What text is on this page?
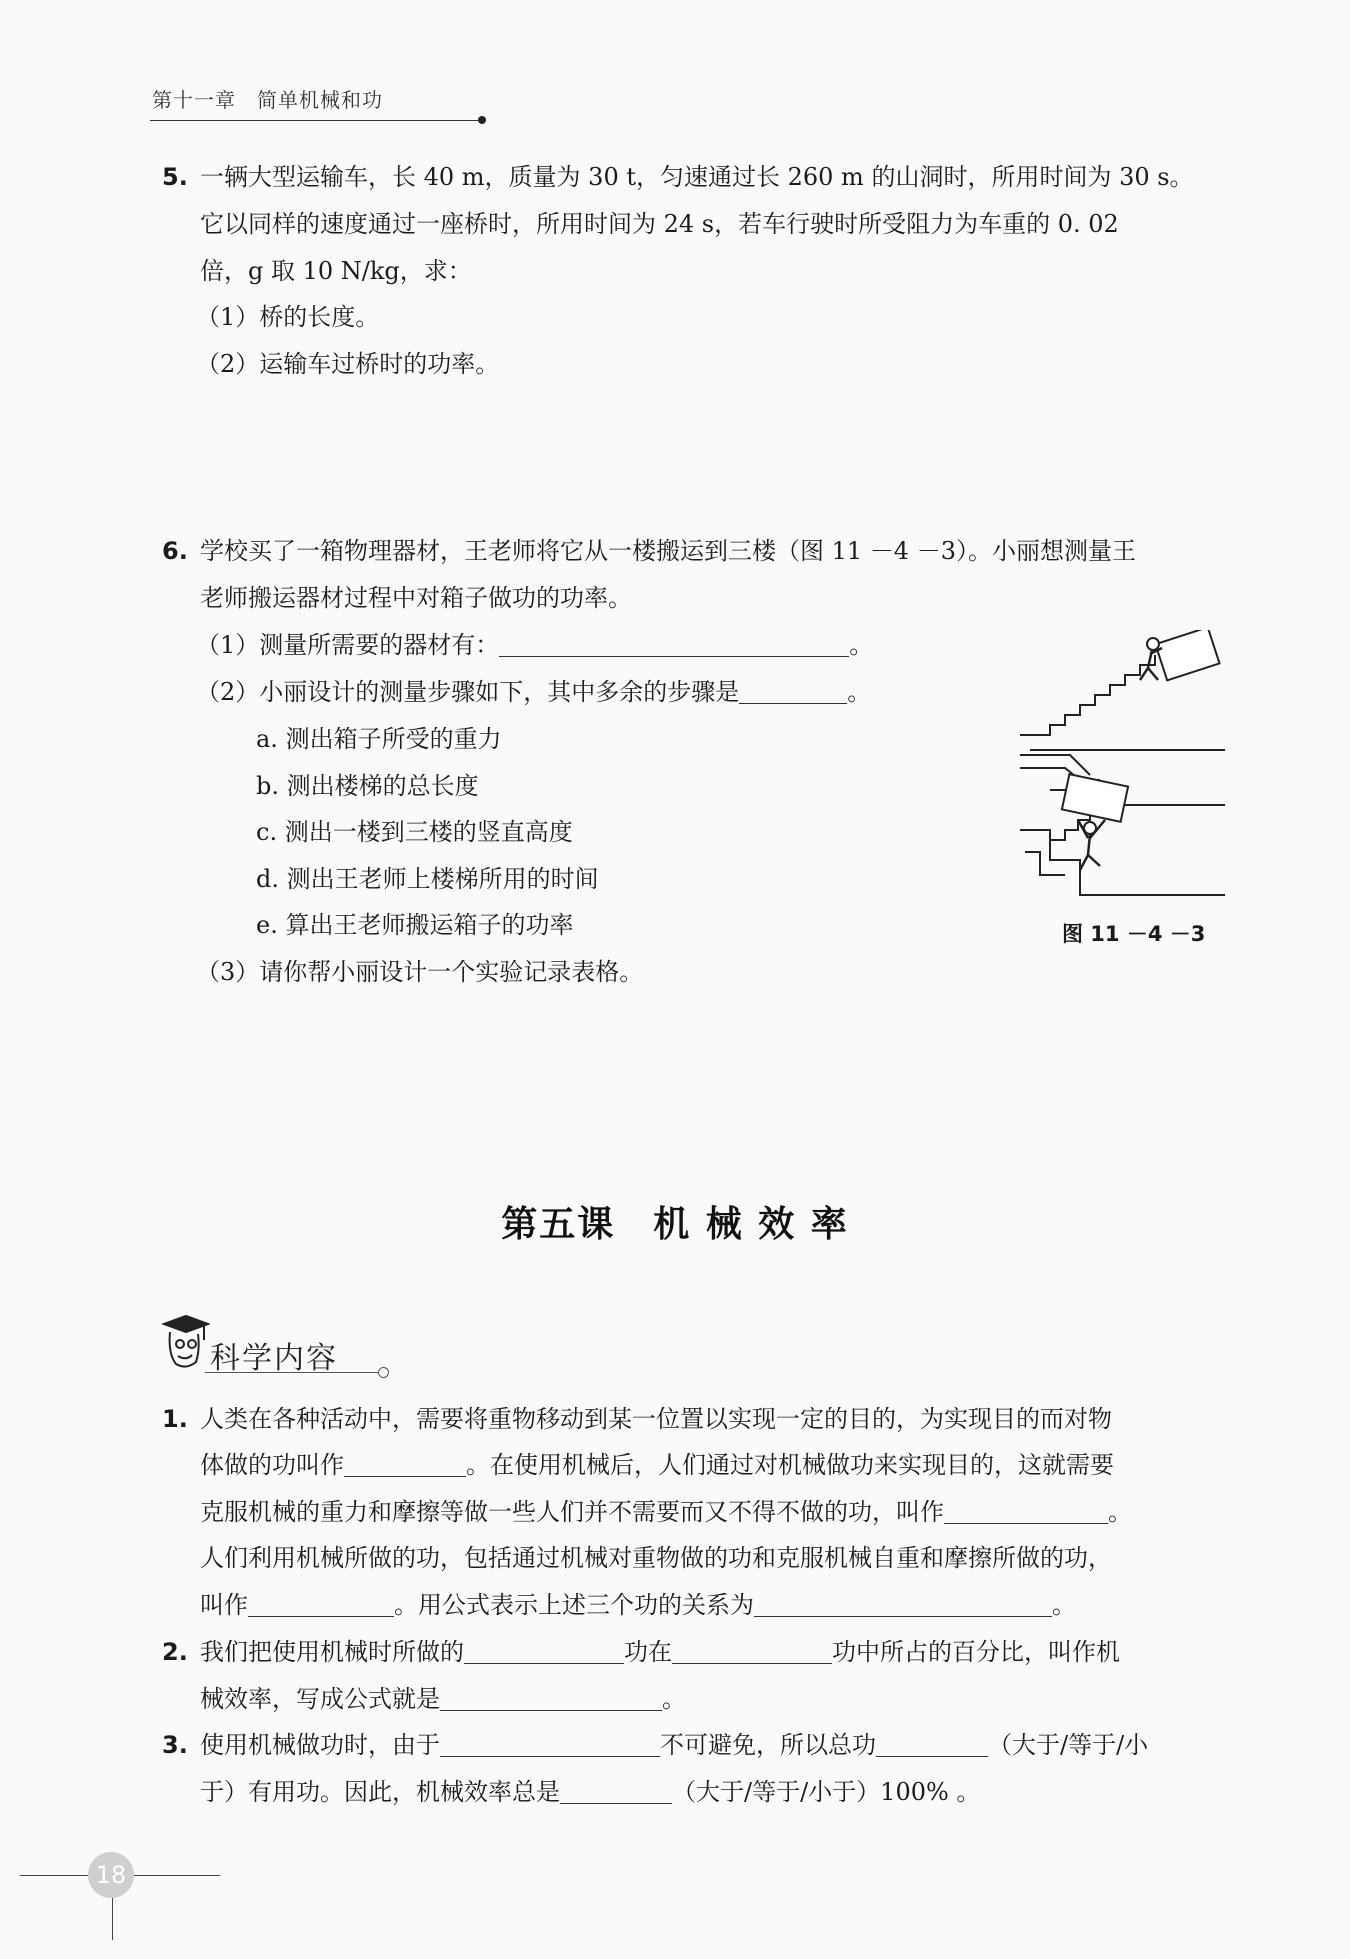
第十一章　简单机械和功
5. 一辆大型运输车，长 40 m，质量为 30 t，匀速通过长 260 m 的山洞时，所用时间为 30 s。
它以同样的速度通过一座桥时，所用时间为 24 s，若车行驶时所受阻力为车重的 0. 02
倍，g 取 10 N/kg，求：
（1）桥的长度。
（2）运输车过桥时的功率。
6. 学校买了一箱物理器材，王老师将它从一楼搬运到三楼（图 11 －4 －3）。小丽想测量王
老师搬运器材过程中对箱子做功的功率。
（1）测量所需要的器材有：	。
（2）小丽设计的测量步骤如下，其中多余的步骤是	。
a. 测出箱子所受的重力
b. 测出楼梯的总长度
c. 测出一楼到三楼的竖直高度
d. 测出王老师上楼梯所用的时间
e. 算出王老师搬运箱子的功率
（3）请你帮小丽设计一个实验记录表格。
图 11 －4 －3
第五课　机 械 效 率
科学内容
1. 人类在各种活动中，需要将重物移动到某一位置以实现一定的目的，为实现目的而对物
体做的功叫作	。在使用机械后，人们通过对机械做功来实现目的，这就需要
克服机械的重力和摩擦等做一些人们并不需要而又不得不做的功，叫作	。
人们利用机械所做的功，包括通过机械对重物做的功和克服机械自重和摩擦所做的功，
叫作	。用公式表示上述三个功的关系为	。
2. 我们把使用机械时所做的	功在	功中所占的百分比，叫作机
械效率，写成公式就是	。
3. 使用机械做功时，由于	不可避免，所以总功	（大于/等于/小
于）有用功。因此，机械效率总是	（大于/等于/小于）100% 。
18
